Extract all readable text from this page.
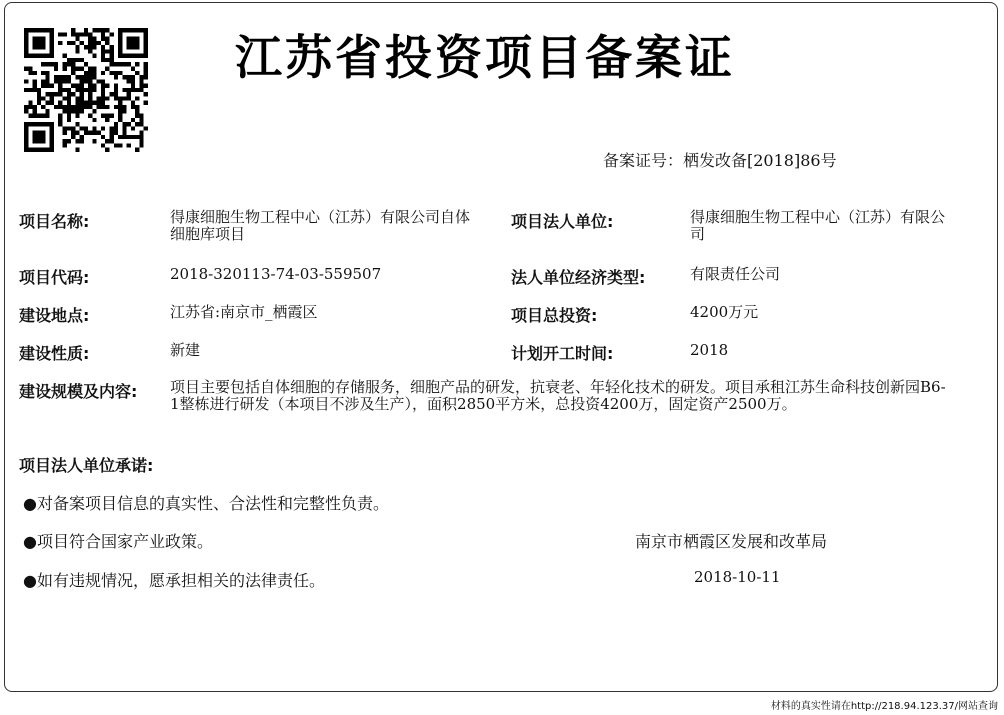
江苏省投资项目备案证
备案证号：栖发改备[2018]86号
项目名称:	得康细胞生物工程中心（江苏）有限公司自体细胞库项目
项目法人单位:	得康细胞生物工程中心（江苏）有限公司
项目代码:	2018-320113-74-03-559507	法人单位经济类型:	有限责任公司
建设地点:	江苏省:南京市_栖霞区	项目总投资:	4200万元
建设性质:	新建	计划开工时间:	2018
建设规模及内容: 项目主要包括自体细胞的存储服务，细胞产品的研发，抗衰老、年轻化技术的研发。项目承租江苏生命科技创新园B6-1整栋进行研发（本项目不涉及生产），面积2850平方米，总投资4200万，固定资产2500万。
项目法人单位承诺:
●对备案项目信息的真实性、合法性和完整性负责。
●项目符合国家产业政策。
●如有违规情况，愿承担相关的法律责任。
南京市栖霞区发展和改革局
2018-10-11
材料的真实性请在http://218.94.123.37/网站查询
